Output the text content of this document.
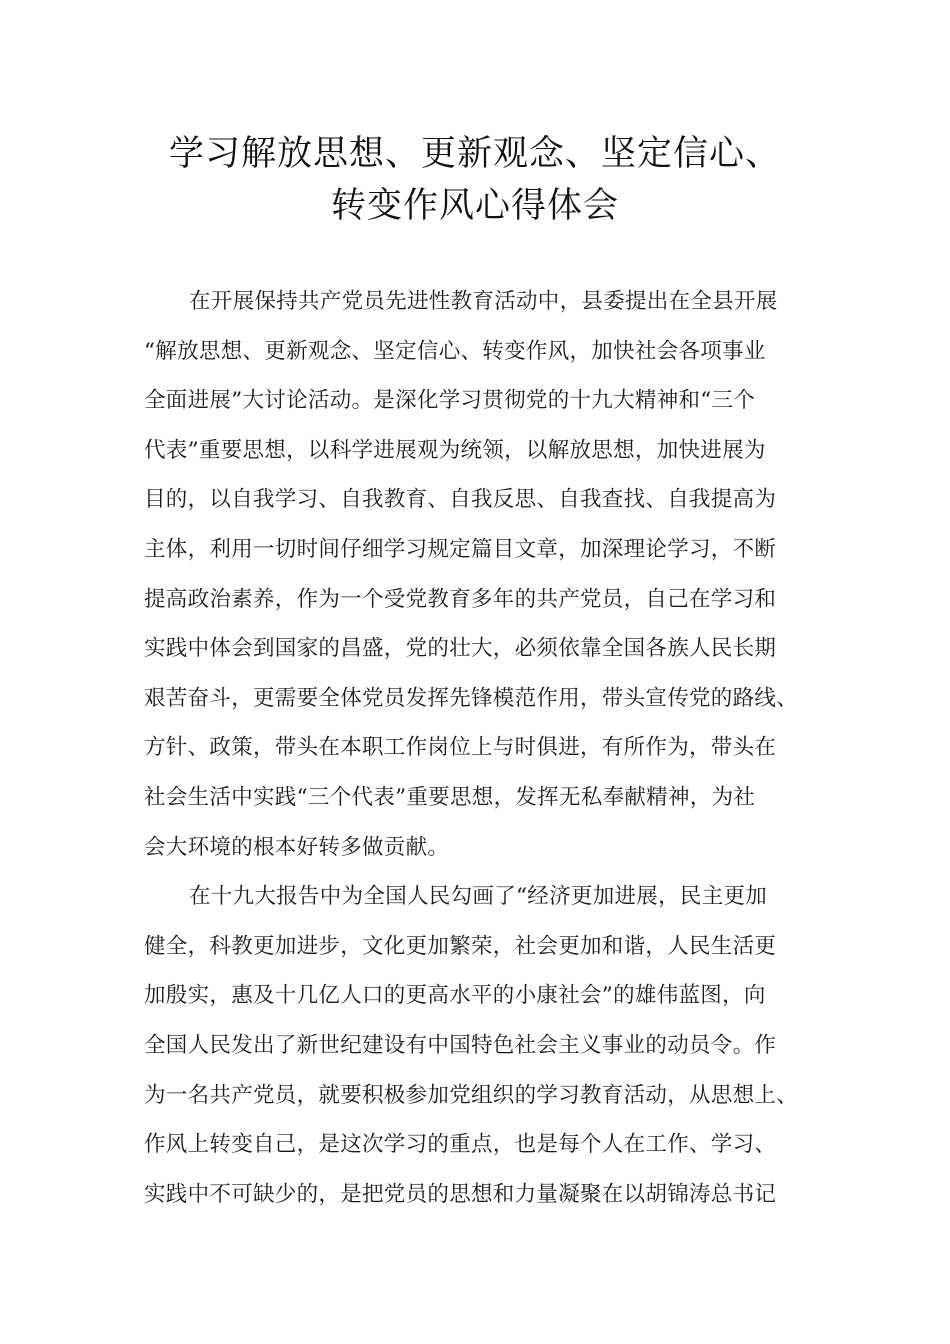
学习解放思想、更新观念、坚定信心、
转变作风心得体会
在开展保持共产党员先进性教育活动中，县委提出在全县开展
“解放思想、更新观念、坚定信心、转变作风，加快社会各项事业
全面进展”大讨论活动。是深化学习贯彻党的十九大精神和“三个
代表”重要思想，以科学进展观为统领，以解放思想，加快进展为
目的，以自我学习、自我教育、自我反思、自我查找、自我提高为
主体，利用一切时间仔细学习规定篇目文章，加深理论学习，不断
提高政治素养，作为一个受党教育多年的共产党员，自己在学习和
实践中体会到国家的昌盛，党的壮大，必须依靠全国各族人民长期
艰苦奋斗，更需要全体党员发挥先锋模范作用，带头宣传党的路线、
方针、政策，带头在本职工作岗位上与时俱进，有所作为，带头在
社会生活中实践“三个代表”重要思想，发挥无私奉献精神，为社
会大环境的根本好转多做贡献。
在十九大报告中为全国人民勾画了“经济更加进展，民主更加
健全，科教更加进步，文化更加繁荣，社会更加和谐，人民生活更
加殷实，惠及十几亿人口的更高水平的小康社会”的雄伟蓝图，向
全国人民发出了新世纪建设有中国特色社会主义事业的动员令。作
为一名共产党员，就要积极参加党组织的学习教育活动，从思想上、
作风上转变自己，是这次学习的重点，也是每个人在工作、学习、
实践中不可缺少的，是把党员的思想和力量凝聚在以胡锦涛总书记
